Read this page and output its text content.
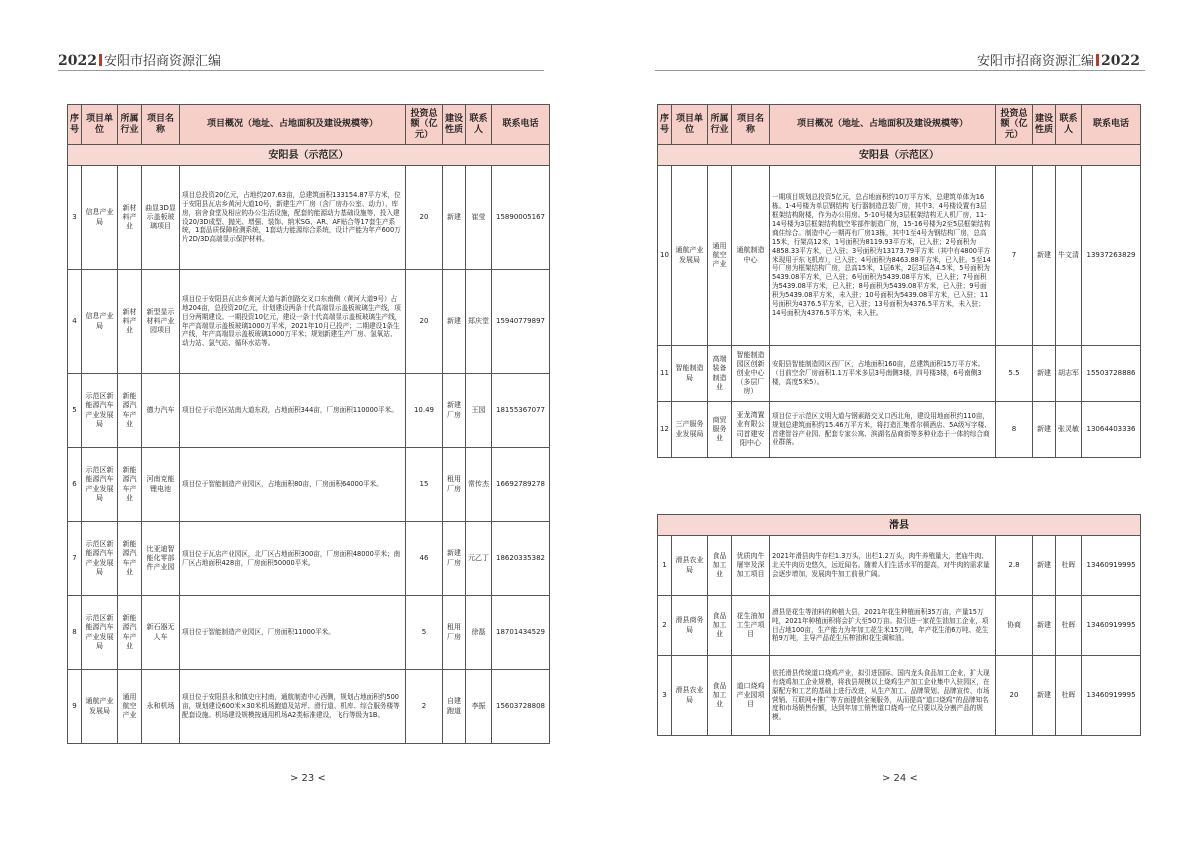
2022 安阳市招商资源汇编
序号	项目单位	所属行业	项目名称	项目概况（地址、占地面积及建设规模等）	投资总额（亿元）	建设性质	联系人	联系电话
安阳县（示范区）								
3	信息产业局	新材料产业	曲显3D显示盖板玻璃项目	项目总投资20亿元，占地约207.63亩，总建筑面积133154.87平方米，位于安阳县瓦店乡黄河大道10号，新建生产厂房（含厂房办公室、动力）、库房，宿舍食堂及相应的办公生活设施，配套的能源动力基础设施等，投入建设20/3D成型、抛光、增强、装饰、纳米SG、AR、AF贴合等17套生产系统，1套品质保障检测系统，1套动力能源综合系统，设计产能为年产600万片2D/3D高端显示保护材料。	20	新建	崔莹	15890005167
4	信息产业局	新材料产业	新型显示材料产业园项目	项目位于安阳县瓦店乡黄河大道与新创路交叉口东南侧（黄河大道9号）占地204亩，总投资20亿元，计划建设两条十代高端显示盖板玻璃生产线，项目分两期建设。一期投资10亿元，建设一条十代高端显示盖板玻璃生产线，年产高端显示盖板玻璃1000万平米，2021年10月已投产；二期建设1条生产线，年产高端显示盖板玻璃1000万平米；规划新建生产厂房、氢氧站、动力站、氯气站、循环水站等。	20	新建	郑庆堂	15940779897
5	示范区新能源汽车产业发展局	新能源汽车产业	德力汽车	项目位于示范区站南大道东段，占地面积344亩，厂房面积110000平米。	10.49	新建厂房	王园	18155367077
6	示范区新能源汽车产业发展局	新能源汽车产业	河南克能锂电池	项目位于智能制造产业园区，占地面积80亩，厂房面积64000平米。	15	租用厂房	常传杰	16692789278
7	示范区新能源汽车产业发展局	新能源汽车产业	比亚迪智能化零部件产业园	项目位于瓦店产业园区，北厂区占地面积300亩，厂房面积48000平米；南厂区占地面积428亩，厂房面积50000平米。	46	新建厂房	元乙丁	18620335382
8	示范区新能源汽车产业发展局	新能源汽车产业	新石器无人车	项目位于智能制造产业园区，厂房面积11000平米。	5	租用厂房	徐磊	18701434529
9	通航产业发展局	通用航空产业	永和机场	项目位于安阳县永和镇史庄村南，通航制造中心西侧，规划占地面积约500亩，规划建设600米×30米机场跑道及站坪、滑行道、机库、综合服务楼等配套设施。机场建设规模按通用机场A2类标准建设，飞行等级为1B。	2	自建跑道	李振	15603728808
> 23 <
安阳市招商资源汇编 2022
序号	项目单位	所属行业	项目名称	项目概况（地址、占地面积及建设规模等）	投资总额（亿元）	建设性质	联系人	联系电话
安阳县（示范区）								
10	通航产业发展局	通用航空产业	通航制造中心	一期项目规划总投资5亿元，总占地面积约10万平方米，总建筑单体为16栋。1-4号楼为单层钢结构飞行器制造总装厂房，其中3、4号楼设置有3层框架结构附楼，作为办公用房。5-10号楼为3层框架结构无人机厂房，11-14号楼为3层框架结构航空零部件制造厂房，15-16号楼为2至5层框架结构商住综合。制造中心一期再有厂房13栋，其中1至4号为钢结构厂房，总高15米，行架高12米，1号面积为8119.93平方米，已入驻；2号面积为4858.33平方米，已入驻；3号面积为13173.79平方米（其中有4800平方米现用于东飞机库），已入驻；4号面积为8463.88平方米，已入驻。5至14号厂房为框架结构厂房，总高15米，1层6米，2层3层各4.5米，5号面积为5439.08平方米，已入驻；6号面积为5439.08平方米，已入驻；7号面积为5439.08平方米，已入驻；8号面积为5439.08平方米，已入驻；9号面积为5439.08平方米，未入驻；10号面积为5439.08平方米，已入驻；11号面积为4376.5平方米，已入驻；13号面积为4376.5平方米，未入驻；14号面积为4376.5平方米，未入驻。	7	新建	牛文清	13937263829
11	智能制造局	高端装备制造业	智能制造园区创新创业中心（多层厂房）	安阳县智能制造园区西厂区，占地面积160亩，总建筑面积15万平方米。（目前空余厂房面积1.1万平米多层3号南侧3楼，四号楼3楼，6号南侧3楼，高度5米5）。	5.5	新建	胡志军	15503728886
12	三产服务业发展局	商贸服务业	亚龙湾置业有限公司首建安阳中心	项目位于示范区文明大道与钢素路交叉口西北角，建设用地面积约110亩，规划总建筑面积约15.46万平方米，将打造汇集希尔顿酒店、5A级写字楼、首建智谷产业园、配套专家公寓、滨湖名品商街等多种业态于一体的综合商业群落。	8	新建	张灵敏	13064403336
滑县								
1	滑县农业局	食品加工业	优质肉牛屠宰及深加工项目	2021年滑县肉牛存栏1.3万头，出栏1.2万头，肉牛养殖量大，老庙牛肉、北关牛肉历史悠久，远近闻名。随着人们生活水平的提高，对牛肉的需求量会逐步增加，发展肉牛加工前景广阔。	2.8	新建	杜晖	13460919995
2	滑县商务局	食品加工业	花生油加工生产项目	滑县是花生等油料的种植大县，2021年花生种植面积35万亩，产量15万吨，2021年种植面积将会扩大至50万亩。拟引进一家花生油加工企业，项目占地100亩，生产能力为年加工花生米15万吨，年产花生油6万吨、花生粕9万吨，主导产品花生压榨油和花生调和油。	协商	新建	杜晖	13460919995
3	滑县农业局	食品加工业	道口烧鸡产业园项目	依托滑县传统道口烧鸡产业，拟引进国际、国内龙头食品加工企业，扩大现有烧鸡加工企业规模，将我县规模以上烧鸡生产加工企业集中入驻园区，在原配方和工艺的基础上进行改进，从生产加工、品牌策划、品牌宣传、市场营销、互联网+推广等方面提供全案服务，从而提高“道口烧鸡”的品牌知名度和市场销售份额，达到年加工销售道口烧鸡一亿只要以及分割产品的规模。	20	新建	杜晖	13460919995
> 24 <
